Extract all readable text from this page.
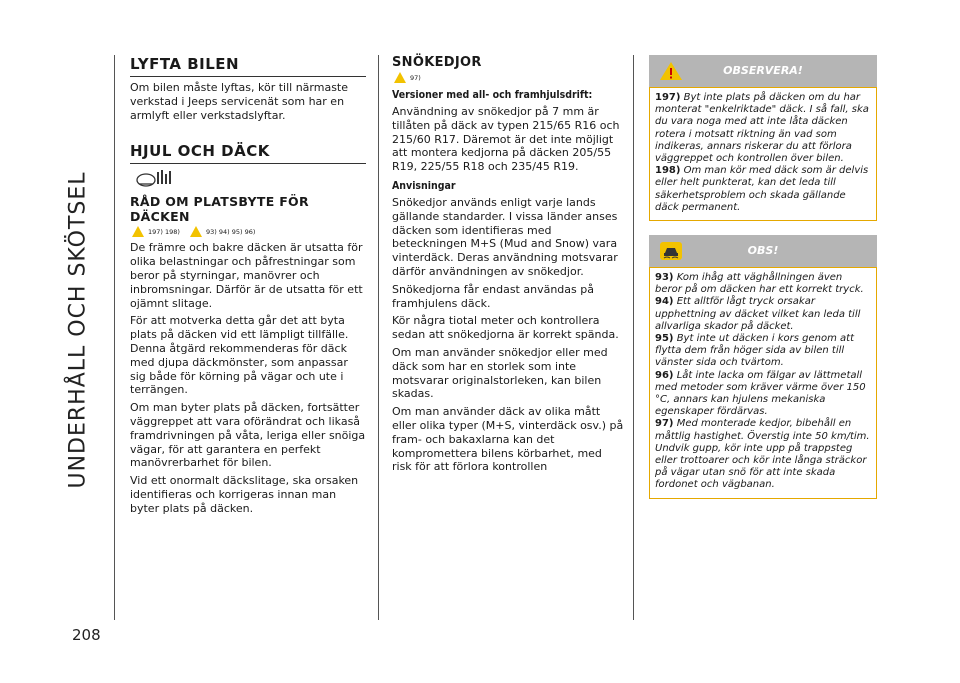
UNDERHÅLL OCH SKÖTSEL
208
LYFTA BILEN

Om bilen måste lyftas, kör till närmaste verkstad i Jeeps servicenät som har en armlyft eller verkstadslyftar.

HJUL OCH DÄCK
RÅD OM PLATSBYTE FÖR DÄCKEN
197) 198)	93) 94) 95) 96)

De främre och bakre däcken är utsatta för olika belastningar och påfrestningar som beror på styrningar, manövrer och inbromsningar. Därför är de utsatta för ett ojämnt slitage.

För att motverka detta går det att byta plats på däcken vid ett lämpligt tillfälle. Denna åtgärd rekommenderas för däck med djupa däckmönster, som anpassar sig både för körning på vägar och ute i terrängen.

Om man byter plats på däcken, fortsätter väggreppet att vara oförändrat och likaså framdrivningen på våta, leriga eller snöiga vägar, för att garantera en perfekt manövrerbarhet för bilen.

Vid ett onormalt däckslitage, ska orsaken identifieras och korrigeras innan man byter plats på däcken.

SNÖKEDJOR
97)
Versioner med all- och framhjulsdrift:

Användning av snökedjor på 7 mm är tillåten på däck av typen 215/65 R16 och 215/60 R17. Däremot är det inte möjligt att montera kedjorna på däcken 205/55 R19, 225/55 R18 och 235/45 R19.

Anvisningar

Snökedjor används enligt varje lands gällande standarder. I vissa länder anses däcken som identifieras med beteckningen M+S (Mud and Snow) vara vinterdäck. Deras användning motsvarar därför användningen av snökedjor.

Snökedjorna får endast användas på framhjulens däck.

Kör några tiotal meter och kontrollera sedan att snökedjorna är korrekt spända.

Om man använder snökedjor eller med däck som har en storlek som inte motsvarar originalstorleken, kan bilen skadas.

Om man använder däck av olika mått eller olika typer (M+S, vinterdäck osv.) på fram- och bakaxlarna kan det kompromettera bilens körbarhet, med risk för att förlora kontrollen

OBSERVERA!

197) Byt inte plats på däcken om du har monterat "enkelriktade" däck. I så fall, ska du vara noga med att inte låta däcken rotera i motsatt riktning än vad som indikeras, annars riskerar du att förlora väggreppet och kontrollen över bilen.

198) Om man kör med däck som är delvis eller helt punkterat, kan det leda till säkerhetsproblem och skada gällande däck permanent.

OBS!

93) Kom ihåg att väghållningen även beror på om däcken har ett korrekt tryck.

94) Ett alltför lågt tryck orsakar upphettning av däcket vilket kan leda till allvarliga skador på däcket.

95) Byt inte ut däcken i kors genom att flytta dem från höger sida av bilen till vänster sida och tvärtom.

96) Låt inte lacka om fälgar av lättmetall med metoder som kräver värme över 150 °C, annars kan hjulens mekaniska egenskaper fördärvas.

97) Med monterade kedjor, bibehåll en måttlig hastighet. Överstig inte 50 km/tim. Undvik gupp, kör inte upp på trappsteg eller trottoarer och kör inte långa sträckor på vägar utan snö för att inte skada fordonet och vägbanan.
